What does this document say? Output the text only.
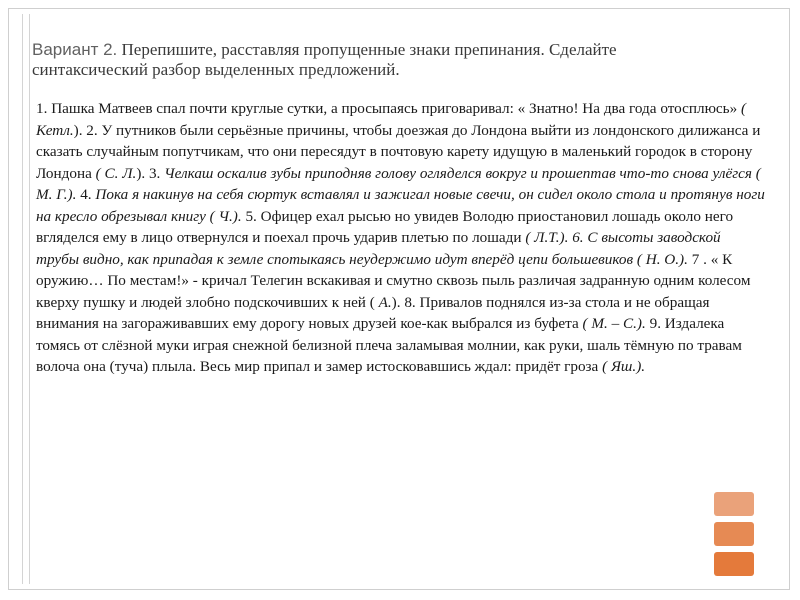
Вариант 2. Перепишите, расставляя пропущенные знаки препинания. Сделайте синтаксический разбор выделенных предложений.
1. Пашка Матвеев спал почти круглые сутки, а просыпаясь приговаривал: « Знатно! На два года отосплюсь» ( Кетл.). 2. У путников были серьёзные причины, чтобы доезжая до Лондона выйти из лондонского дилижанса и сказать случайным попутчикам, что они пересядут в почтовую карету идущую в маленький городок в сторону Лондона ( С. Л.). 3. Челкаш оскалив зубы приподняв голову огляделся вокруг и прошептав что-то снова улёгся ( М. Г.). 4. Пока я накинув на себя сюртук вставлял и зажигал новые свечи, он сидел около стола и протянув ноги на кресло обрезывал книгу ( Ч.). 5. Офицер ехал рысью но увидев Володю приостановил лошадь около него вгляделся ему в лицо отвернулся и поехал прочь ударив плетью по лошади ( Л.Т.). 6. С высоты заводской трубы видно, как припадая к земле спотыкаясь неудержимо идут вперёд цепи большевиков ( Н. О.). 7 . « К оружию… По местам!» - кричал Телегин вскакивая и смутно сквозь пыль различая задранную одним колесом кверху пушку и людей злобно подскочивших к ней ( А.). 8. Привалов поднялся из-за стола и не обращая внимания на загораживавших ему дорогу новых друзей кое-как выбрался из буфета ( М. – С.). 9. Издалека томясь от слёзной муки играя снежной белизной плеча заламывая молнии, как руки, шаль тёмную по травам волоча она (туча) плыла. Весь мир припал и замер истосковавшись ждал: придёт гроза ( Яш.).
